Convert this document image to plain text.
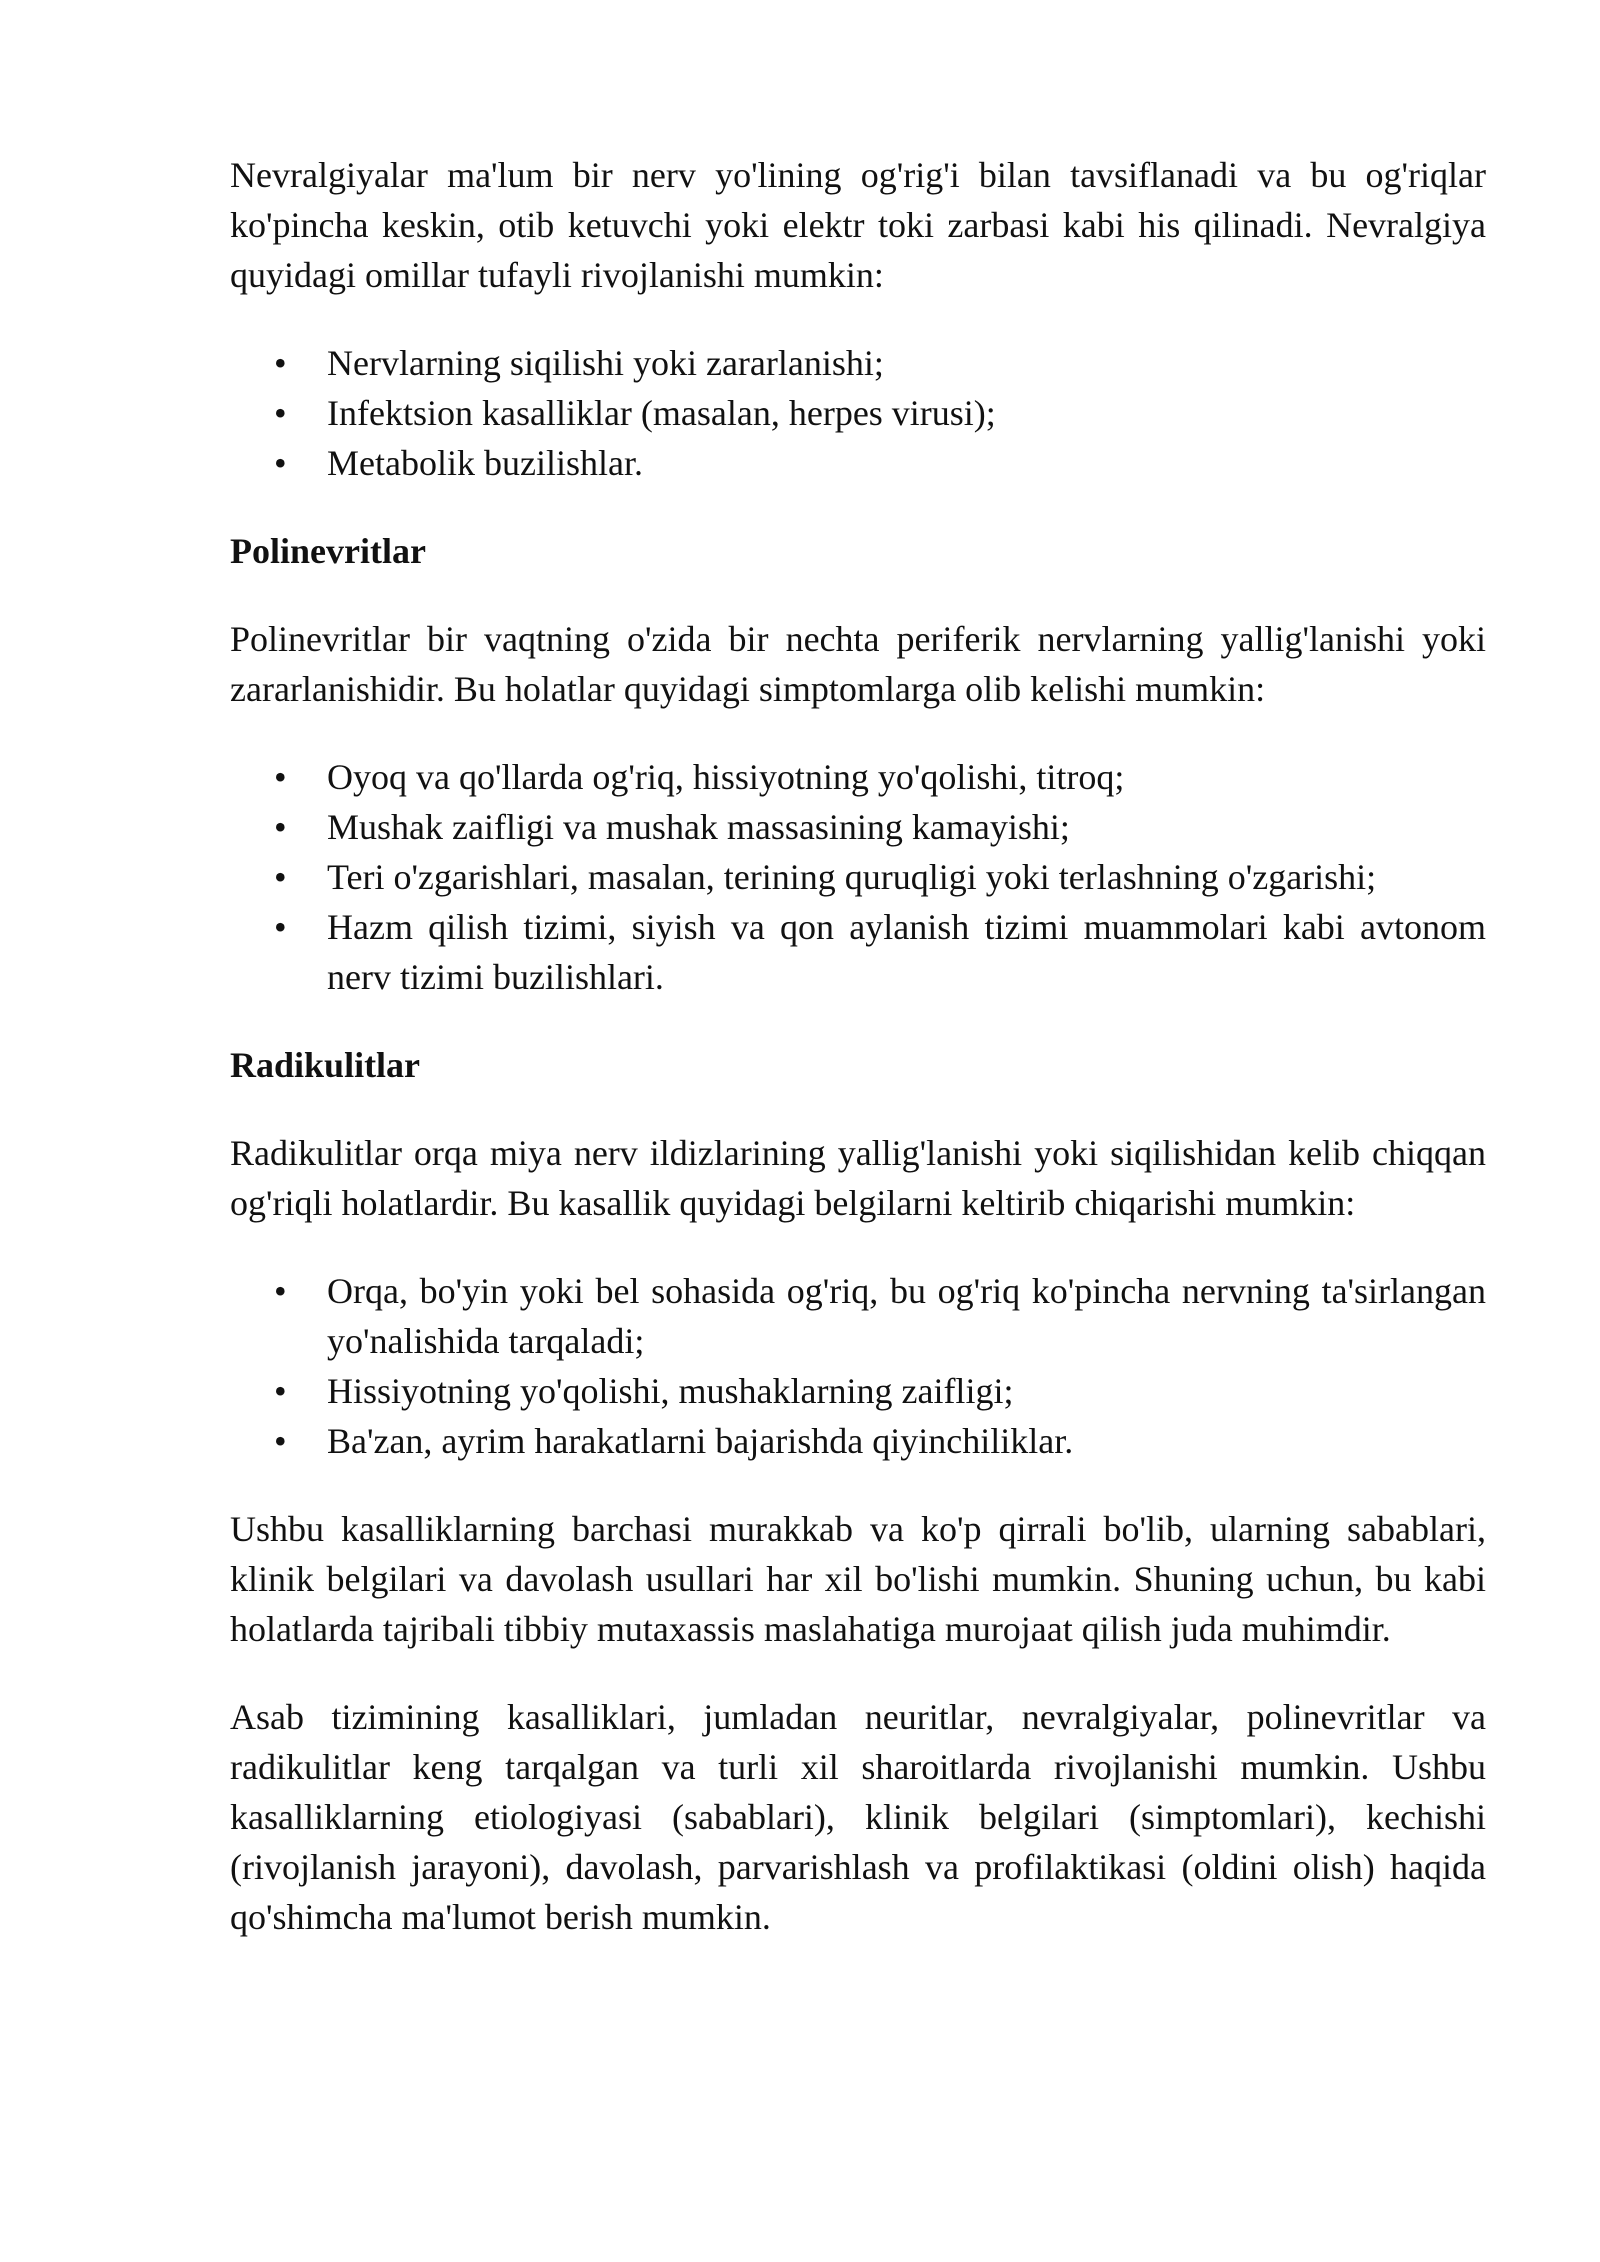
Nevralgiyalar ma'lum bir nerv yo'lining og'rig'i bilan tavsiflanadi va bu og'riqlar ko'pincha keskin, otib ketuvchi yoki elektr toki zarbasi kabi his qilinadi. Nevralgiya quyidagi omillar tufayli rivojlanishi mumkin:

• Nervlarning siqilishi yoki zararlanishi;
• Infektsion kasalliklar (masalan, herpes virusi);
• Metabolik buzilishlar.
Polinevritlar

Polinevritlar bir vaqtning o'zida bir nechta periferik nervlarning yallig'lanishi yoki zararlanishidir. Bu holatlar quyidagi simptomlarga olib kelishi mumkin:

• Oyoq va qo'llarda og'riq, hissiyotning yo'qolishi, titroq;
• Mushak zaifligi va mushak massasining kamayishi;
• Teri o'zgarishlari, masalan, terining quruqligi yoki terlashning o'zgarishi;
• Hazm qilish tizimi, siyish va qon aylanish tizimi muammolari kabi avtonom nerv tizimi buzilishlari.
Radikulitlar

Radikulitlar orqa miya nerv ildizlarining yallig'lanishi yoki siqilishidan kelib chiqqan og'riqli holatlardir. Bu kasallik quyidagi belgilarni keltirib chiqarishi mumkin:

• Orqa, bo'yin yoki bel sohasida og'riq, bu og'riq ko'pincha nervning ta'sirlangan yo'nalishida tarqaladi;
• Hissiyotning yo'qolishi, mushaklarning zaifligi;
• Ba'zan, ayrim harakatlarni bajarishda qiyinchiliklar.

Ushbu kasalliklarning barchasi murakkab va ko'p qirrali bo'lib, ularning sabablari, klinik belgilari va davolash usullari har xil bo'lishi mumkin. Shuning uchun, bu kabi holatlarda tajribali tibbiy mutaxassis maslahatiga murojaat qilish juda muhimdir.

Asab tizimining kasalliklari, jumladan neuritlar, nevralgiyalar, polinevritlar va radikulitlar keng tarqalgan va turli xil sharoitlarda rivojlanishi mumkin. Ushbu kasalliklarning etiologiyasi (sabablari), klinik belgilari (simptomlari), kechishi (rivojlanish jarayoni), davolash, parvarishlash va profilaktikasi (oldini olish) haqida qo'shimcha ma'lumot berish mumkin.
